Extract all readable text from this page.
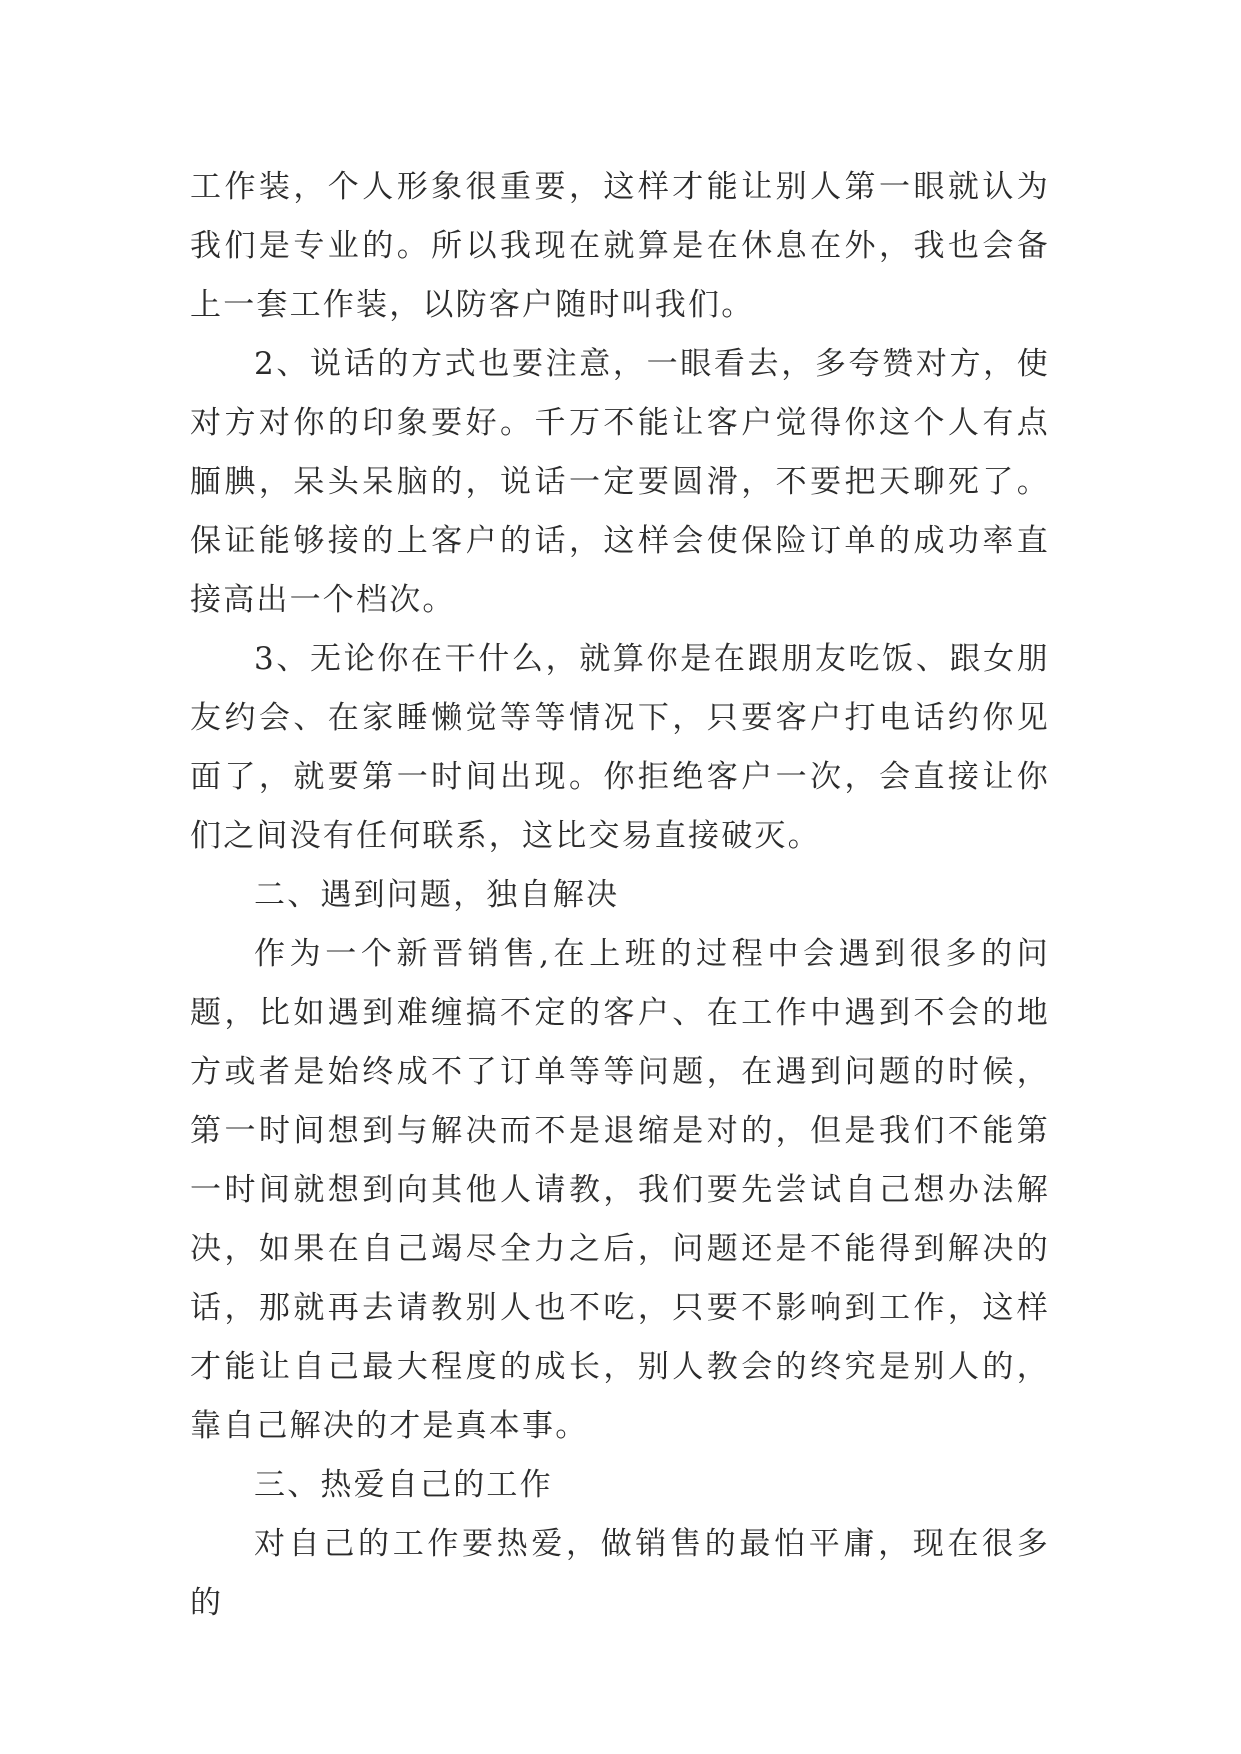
工作装，个人形象很重要，这样才能让别人第一眼就认为我们是专业的。所以我现在就算是在休息在外，我也会备上一套工作装，以防客户随时叫我们。

2、说话的方式也要注意，一眼看去，多夸赞对方，使对方对你的印象要好。千万不能让客户觉得你这个人有点腼腆，呆头呆脑的，说话一定要圆滑，不要把天聊死了。保证能够接的上客户的话，这样会使保险订单的成功率直接高出一个档次。

3、无论你在干什么，就算你是在跟朋友吃饭、跟女朋友约会、在家睡懒觉等等情况下，只要客户打电话约你见面了，就要第一时间出现。你拒绝客户一次，会直接让你们之间没有任何联系，这比交易直接破灭。

二、遇到问题，独自解决

作为一个新晋销售,在上班的过程中会遇到很多的问题，比如遇到难缠搞不定的客户、在工作中遇到不会的地方或者是始终成不了订单等等问题，在遇到问题的时候，第一时间想到与解决而不是退缩是对的，但是我们不能第一时间就想到向其他人请教，我们要先尝试自己想办法解决，如果在自己竭尽全力之后，问题还是不能得到解决的话，那就再去请教别人也不吃，只要不影响到工作，这样才能让自己最大程度的成长，别人教会的终究是别人的，靠自己解决的才是真本事。

三、热爱自己的工作

对自己的工作要热爱，做销售的最怕平庸，现在很多的
